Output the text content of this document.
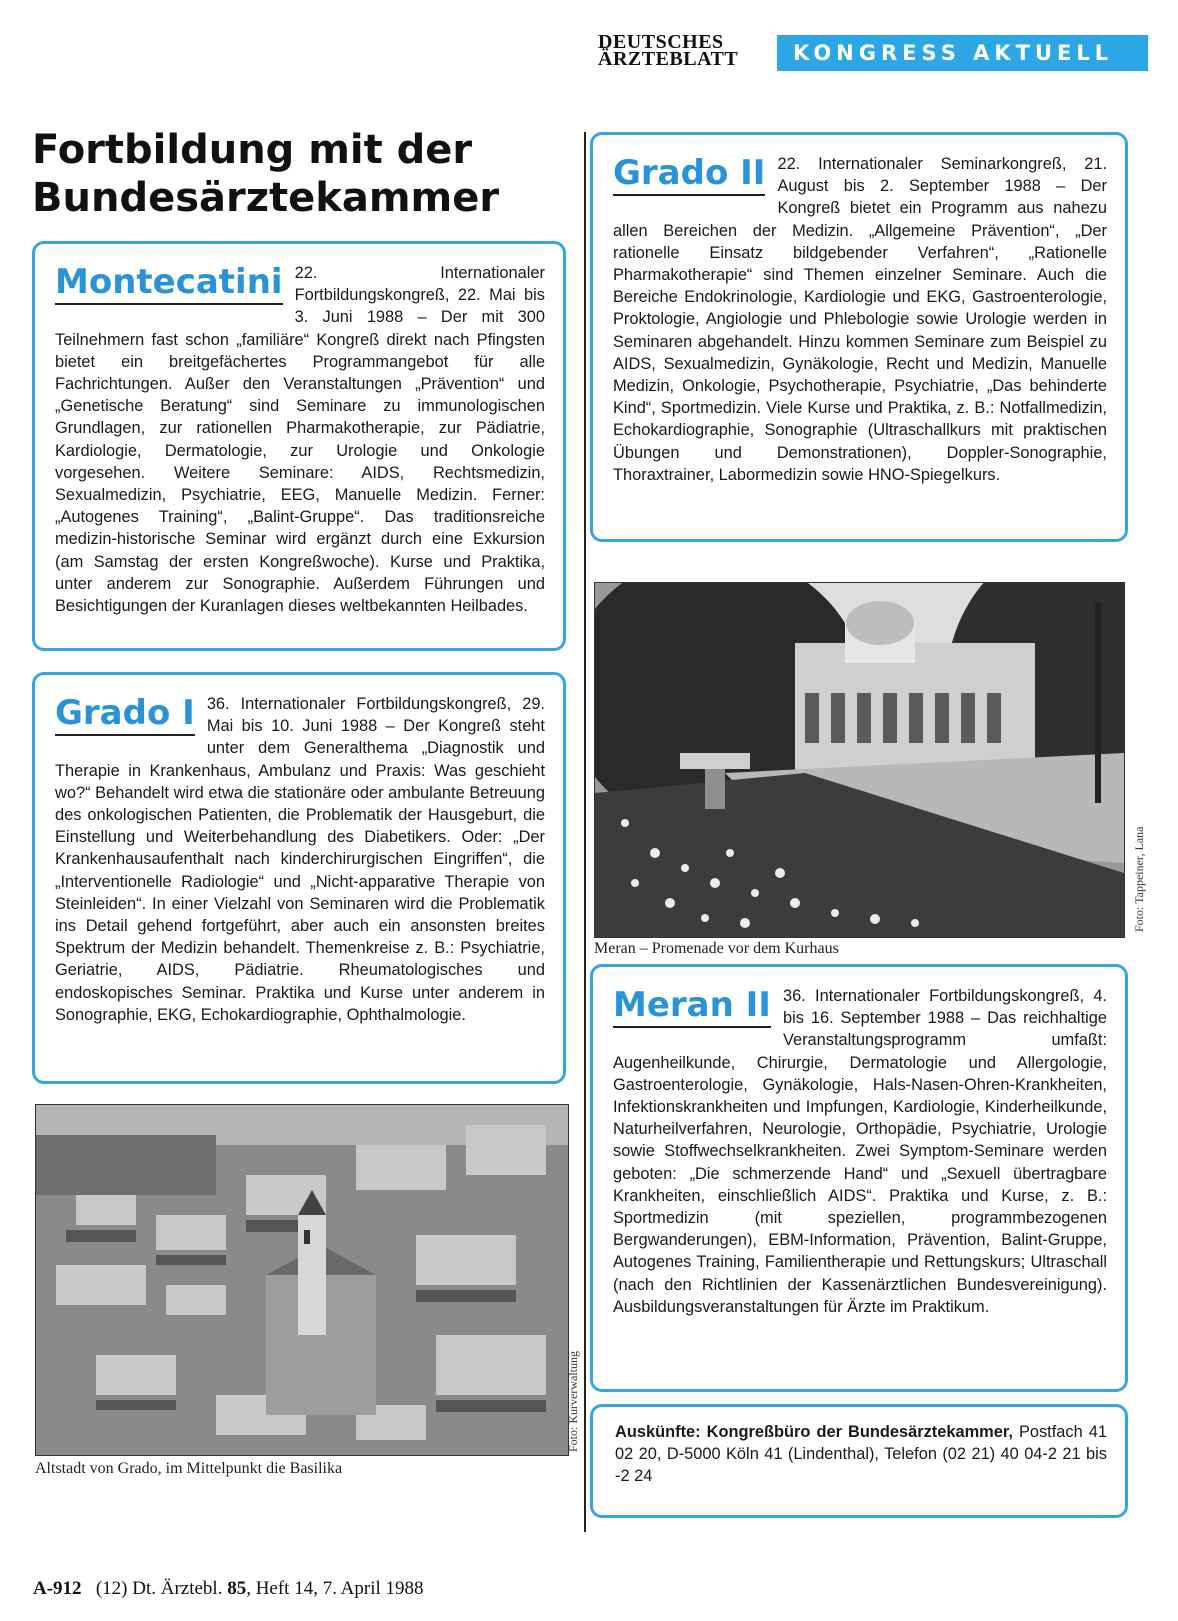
DEUTSCHES
ÄRZTEBLATT	KONGRESS AKTUELL
Fortbildung mit der
Bundesärztekammer
Montecatini 22. Internationaler Fortbildungskongreß, 22. Mai bis 3. Juni 1988 – Der mit 300 Teilnehmern fast schon „familiäre“ Kongreß direkt nach Pfingsten bietet ein breitgefächertes Programmangebot für alle Fachrichtungen. Außer den Veranstaltungen „Prävention“ und „Genetische Beratung“ sind Seminare zu immunologischen Grundlagen, zur rationellen Pharmakotherapie, zur Pädiatrie, Kardiologie, Dermatologie, zur Urologie und Onkologie vorgesehen. Weitere Seminare: AIDS, Rechtsmedizin, Sexualmedizin, Psychiatrie, EEG, Manuelle Medizin. Ferner: „Autogenes Training“, „Balint-Gruppe“. Das traditionsreiche medizin-historische Seminar wird ergänzt durch eine Exkursion (am Samstag der ersten Kongreßwoche). Kurse und Praktika, unter anderem zur Sonographie. Außerdem Führungen und Besichtigungen der Kuranlagen dieses weltbekannten Heilbades.

Grado I 36. Internationaler Fortbildungskongreß, 29. Mai bis 10. Juni 1988 – Der Kongreß steht unter dem Generalthema „Diagnostik und Therapie in Krankenhaus, Ambulanz und Praxis: Was geschieht wo?“ Behandelt wird etwa die stationäre oder ambulante Betreuung des onkologischen Patienten, die Problematik der Hausgeburt, die Einstellung und Weiterbehandlung des Diabetikers. Oder: „Der Krankenhausaufenthalt nach kinderchirurgischen Eingriffen“, die „Interventionelle Radiologie“ und „Nicht-apparative Therapie von Steinleiden“. In einer Vielzahl von Seminaren wird die Problematik ins Detail gehend fortgeführt, aber auch ein ansonsten breites Spektrum der Medizin behandelt. Themenkreise z. B.: Psychiatrie, Geriatrie, AIDS, Pädiatrie. Rheumatologisches und endoskopisches Seminar. Praktika und Kurse unter anderem in Sonographie, EKG, Echokardiographie, Ophthalmologie.

Foto: Kurverwaltung
Altstadt von Grado, im Mittelpunkt die Basilika
Grado II 22. Internationaler Seminarkongreß, 21. August bis 2. September 1988 – Der Kongreß bietet ein Programm aus nahezu allen Bereichen der Medizin. „Allgemeine Prävention“, „Der rationelle Einsatz bildgebender Verfahren“, „Rationelle Pharmakotherapie“ sind Themen einzelner Seminare. Auch die Bereiche Endokrinologie, Kardiologie und EKG, Gastroenterologie, Proktologie, Angiologie und Phlebologie sowie Urologie werden in Seminaren abgehandelt. Hinzu kommen Seminare zum Beispiel zu AIDS, Sexualmedizin, Gynäkologie, Recht und Medizin, Manuelle Medizin, Onkologie, Psychotherapie, Psychiatrie, „Das behinderte Kind“, Sportmedizin. Viele Kurse und Praktika, z. B.: Notfallmedizin, Echokardiographie, Sonographie (Ultraschallkurs mit praktischen Übungen und Demonstrationen), Doppler-Sonographie, Thoraxtrainer, Labormedizin sowie HNO-Spiegelkurs.

Foto: Tappeiner, Lana
Meran – Promenade vor dem Kurhaus
Meran II 36. Internationaler Fortbildungskongreß, 4. bis 16. September 1988 – Das reichhaltige Veranstaltungsprogramm umfaßt: Augenheilkunde, Chirurgie, Dermatologie und Allergologie, Gastroenterologie, Gynäkologie, Hals-Nasen-Ohren-Krankheiten, Infektionskrankheiten und Impfungen, Kardiologie, Kinderheilkunde, Naturheilverfahren, Neurologie, Orthopädie, Psychiatrie, Urologie sowie Stoffwechselkrankheiten. Zwei Symptom-Seminare werden geboten: „Die schmerzende Hand“ und „Sexuell übertragbare Krankheiten, einschließlich AIDS“. Praktika und Kurse, z. B.: Sportmedizin (mit speziellen, programmbezogenen Bergwanderungen), EBM-Information, Prävention, Balint-Gruppe, Autogenes Training, Familientherapie und Rettungskurs; Ultraschall (nach den Richtlinien der Kassenärztlichen Bundesvereinigung). Ausbildungsveranstaltungen für Ärzte im Praktikum.

Auskünfte: Kongreßbüro der Bundesärztekammer, Postfach 41 02 20, D-5000 Köln 41 (Lindenthal), Telefon (02 21) 40 04-2 21 bis -2 24

A-912 (12) Dt. Ärztebl. 85, Heft 14, 7. April 1988
